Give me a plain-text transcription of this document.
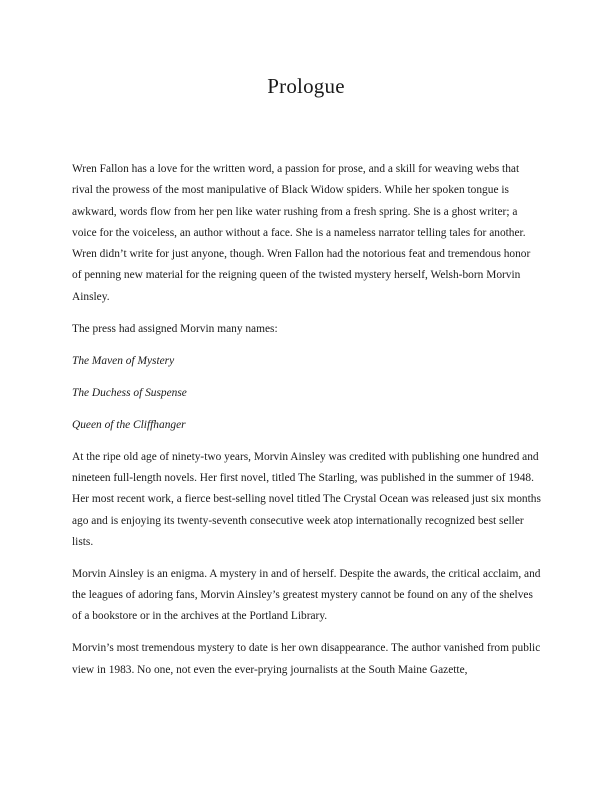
Prologue

Wren Fallon has a love for the written word, a passion for prose, and a skill for weaving webs that rival the prowess of the most manipulative of Black Widow spiders. While her spoken tongue is awkward, words flow from her pen like water rushing from a fresh spring. She is a ghost writer; a voice for the voiceless, an author without a face. She is a nameless narrator telling tales for another. Wren didn’t write for just anyone, though. Wren Fallon had the notorious feat and tremendous honor of penning new material for the reigning queen of the twisted mystery herself, Welsh-born Morvin Ainsley.

The press had assigned Morvin many names:

The Maven of Mystery

The Duchess of Suspense

Queen of the Cliffhanger

At the ripe old age of ninety-two years, Morvin Ainsley was credited with publishing one hundred and nineteen full-length novels. Her first novel, titled The Starling, was published in the summer of 1948. Her most recent work, a fierce best-selling novel titled The Crystal Ocean was released just six months ago and is enjoying its twenty-seventh consecutive week atop internationally recognized best seller lists.

Morvin Ainsley is an enigma. A mystery in and of herself. Despite the awards, the critical acclaim, and the leagues of adoring fans, Morvin Ainsley’s greatest mystery cannot be found on any of the shelves of a bookstore or in the archives at the Portland Library.

Morvin’s most tremendous mystery to date is her own disappearance. The author vanished from public view in 1983. No one, not even the ever-prying journalists at the South Maine Gazette,
